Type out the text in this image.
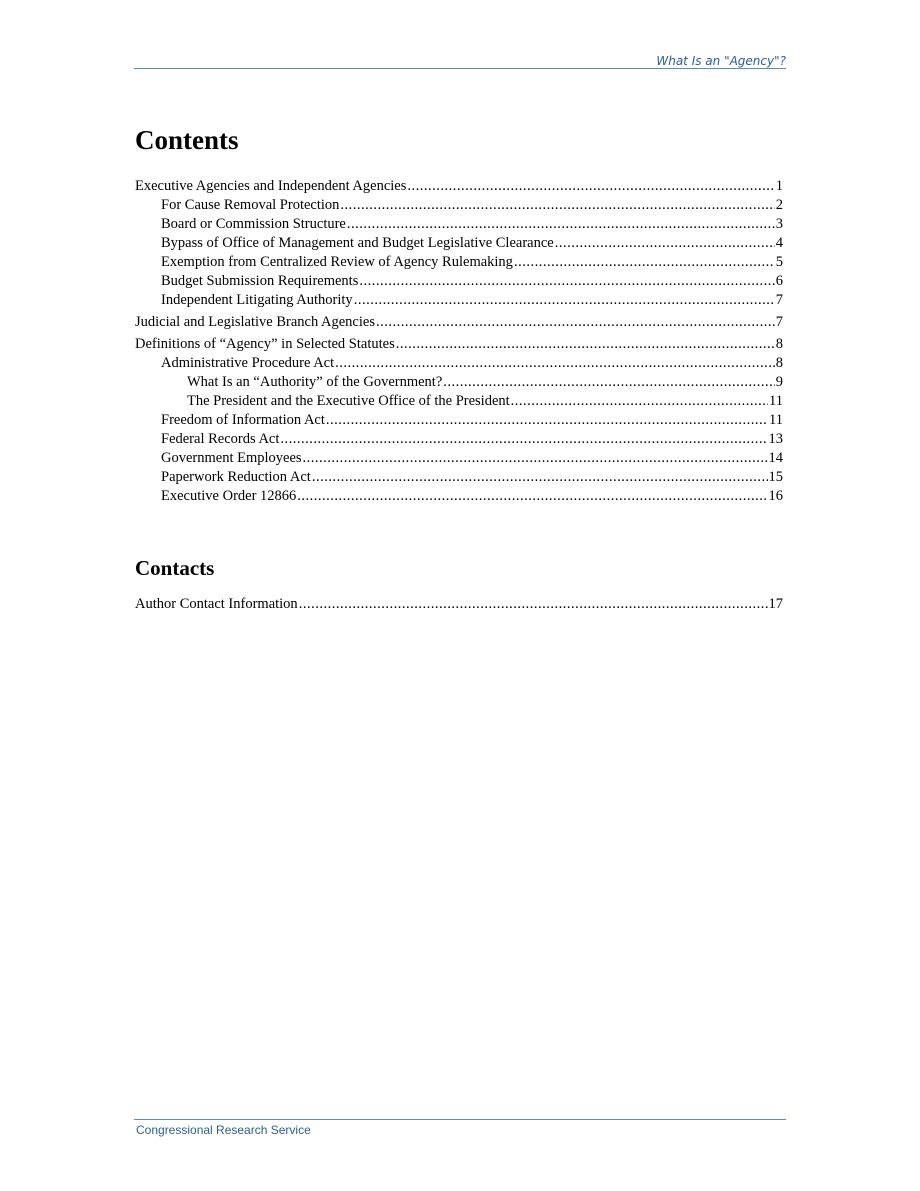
What Is an "Agency"?
Contents
Executive Agencies and Independent Agencies .....	1
For Cause Removal Protection .....	2
Board or Commission Structure .....	3
Bypass of Office of Management and Budget Legislative Clearance .....	4
Exemption from Centralized Review of Agency Rulemaking .....	5
Budget Submission Requirements .....	6
Independent Litigating Authority .....	7
Judicial and Legislative Branch Agencies .....	7
Definitions of “Agency” in Selected Statutes .....	8
Administrative Procedure Act .....	8
What Is an “Authority” of the Government? .....	9
The President and the Executive Office of the President .....	11
Freedom of Information Act .....	11
Federal Records Act .....	13
Government Employees .....	14
Paperwork Reduction Act .....	15
Executive Order 12866 .....	16
Contacts
Author Contact Information .....	17
Congressional Research Service
